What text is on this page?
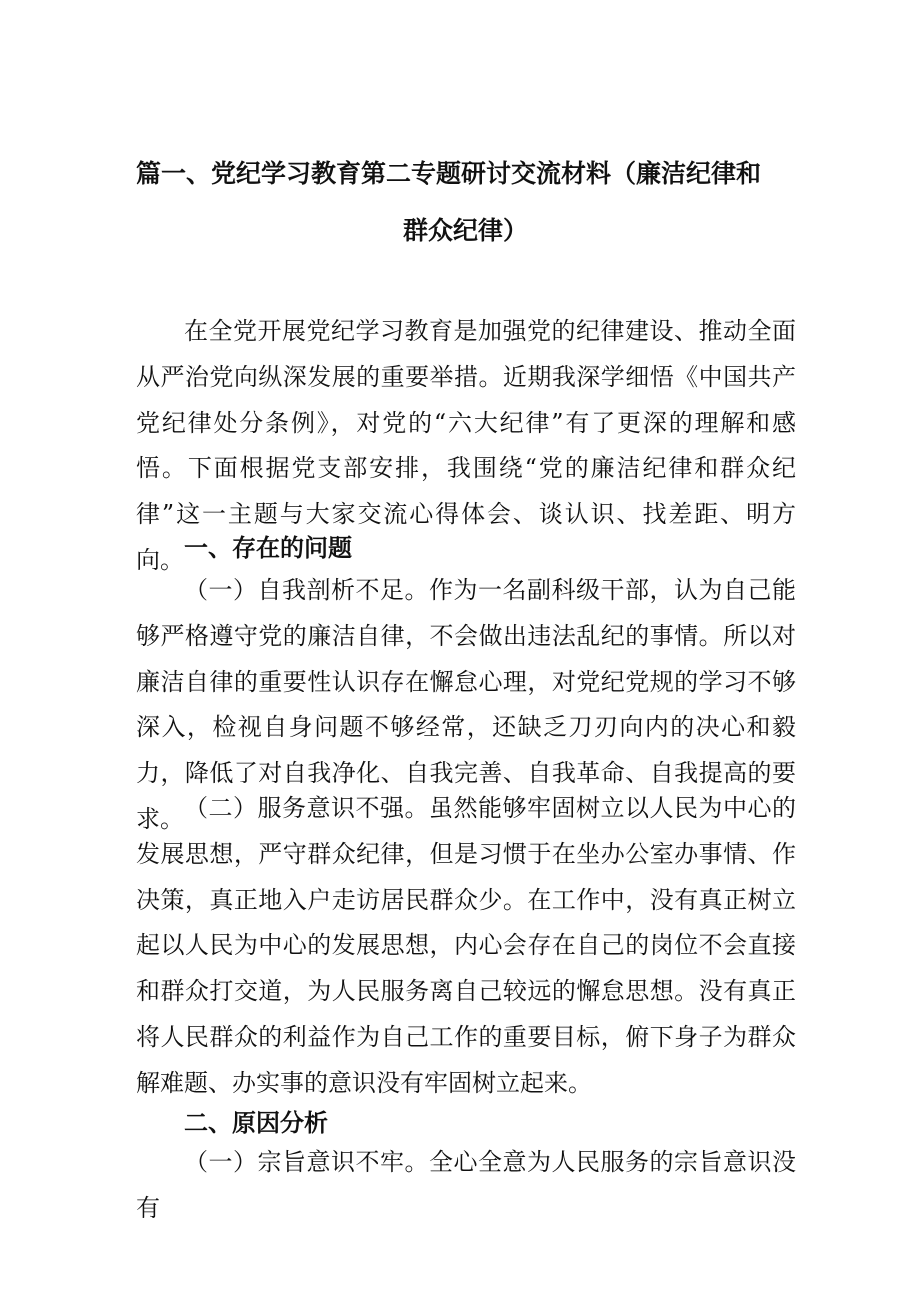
篇一、党纪学习教育第二专题研讨交流材料（廉洁纪律和
群众纪律）

在全党开展党纪学习教育是加强党的纪律建设、推动全面从严治党向纵深发展的重要举措。近期我深学细悟《中国共产党纪律处分条例》，对党的“六大纪律”有了更深的理解和感悟。下面根据党支部安排，我围绕“党的廉洁纪律和群众纪律”这一主题与大家交流心得体会、谈认识、找差距、明方向。 一、存在的问题

（一）自我剖析不足。作为一名副科级干部，认为自己能够严格遵守党的廉洁自律，不会做出违法乱纪的事情。所以对廉洁自律的重要性认识存在懈怠心理，对党纪党规的学习不够深入，检视自身问题不够经常，还缺乏刀刃向内的决心和毅力，降低了对自我净化、自我完善、自我革命、自我提高的要求。 （二）服务意识不强。虽然能够牢固树立以人民为中心的发展思想，严守群众纪律，但是习惯于在坐办公室办事情、作决策，真正地入户走访居民群众少。在工作中，没有真正树立起以人民为中心的发展思想，内心会存在自己的岗位不会直接和群众打交道，为人民服务离自己较远的懈怠思想。没有真正将人民群众的利益作为自己工作的重要目标，俯下身子为群众解难题、办实事的意识没有牢固树立起来。

二、原因分析

（一）宗旨意识不牢。全心全意为人民服务的宗旨意识没有
